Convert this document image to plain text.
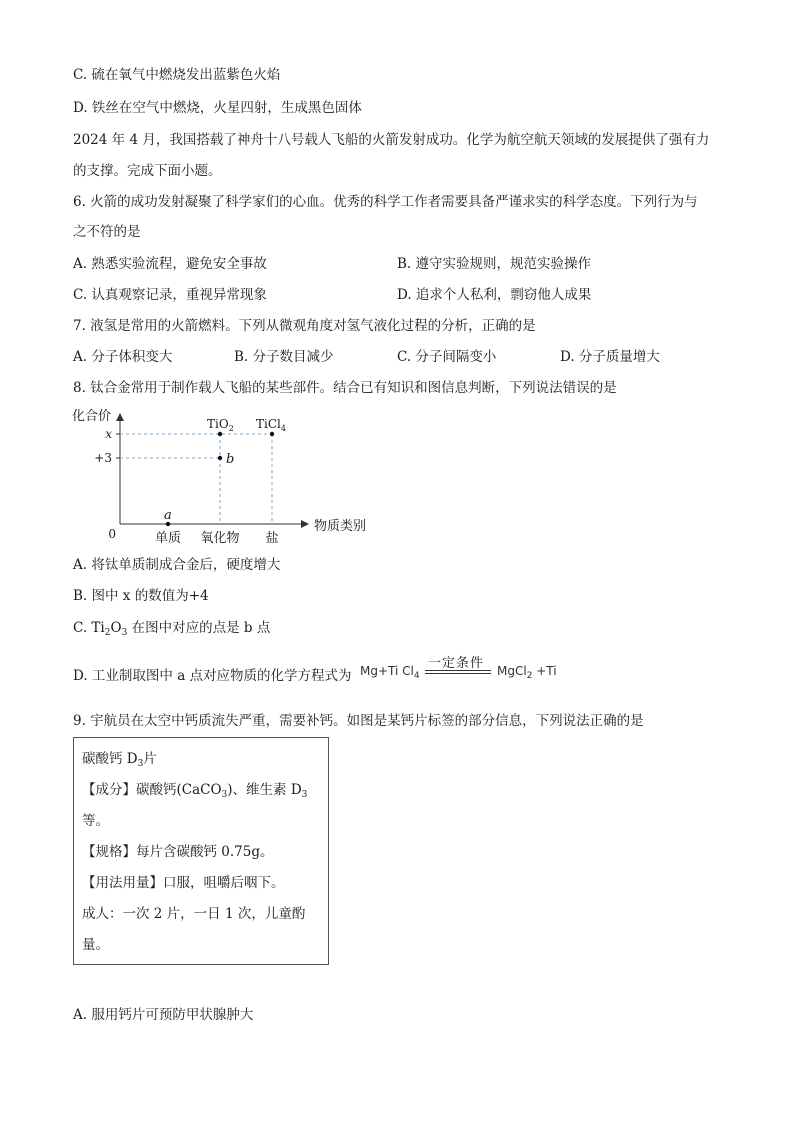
C. 硫在氧气中燃烧发出蓝紫色火焰
D. 铁丝在空气中燃烧，火星四射，生成黑色固体
2024 年 4 月，我国搭载了神舟十八号载人飞船的火箭发射成功。化学为航空航天领域的发展提供了强有力
的支撑。完成下面小题。
6. 火箭的成功发射凝聚了科学家们的心血。优秀的科学工作者需要具备严谨求实的科学态度。下列行为与
之不符的是
A. 熟悉实验流程，避免安全事故	B. 遵守实验规则，规范实验操作
C. 认真观察记录，重视异常现象	D. 追求个人私利，剽窃他人成果
7. 液氢是常用的火箭燃料。下列从微观角度对氢气液化过程的分析，正确的是
A. 分子体积变大	B. 分子数目减少	C. 分子间隔变小	D. 分子质量增大
8. 钛合金常用于制作载人飞船的某些部件。结合已有知识和图信息判断，下列说法错误的是
化合价
物质类别
x
+3
0	单质 氧化物 盐
a
b
TiO$_2$ TiCl$_4$
A. 将钛单质制成合金后，硬度增大
B. 图中 x 的数值为+4
C. $Ti_2O_3$ 在图中对应的点是 b 点
D. 工业制取图中 a 点对应物质的化学方程式为 Mg+Ti $Cl_4$
一定条件 MgCl$_2$ +Ti
9. 宇航员在太空中钙质流失严重，需要补钙。如图是某钙片标签的部分信息，下列说法正确的是
碳酸钙 $D_3$片
【成分】碳酸钙(CaCO$_3$)、维生素 $D_3$
等。
【规格】每片含碳酸钙 0.75g。
【用法用量】口服，咀嚼后咽下。
成人：一次 2 片，一日 1 次，儿童酌
量。
A. 服用钙片可预防甲状腺肿大
